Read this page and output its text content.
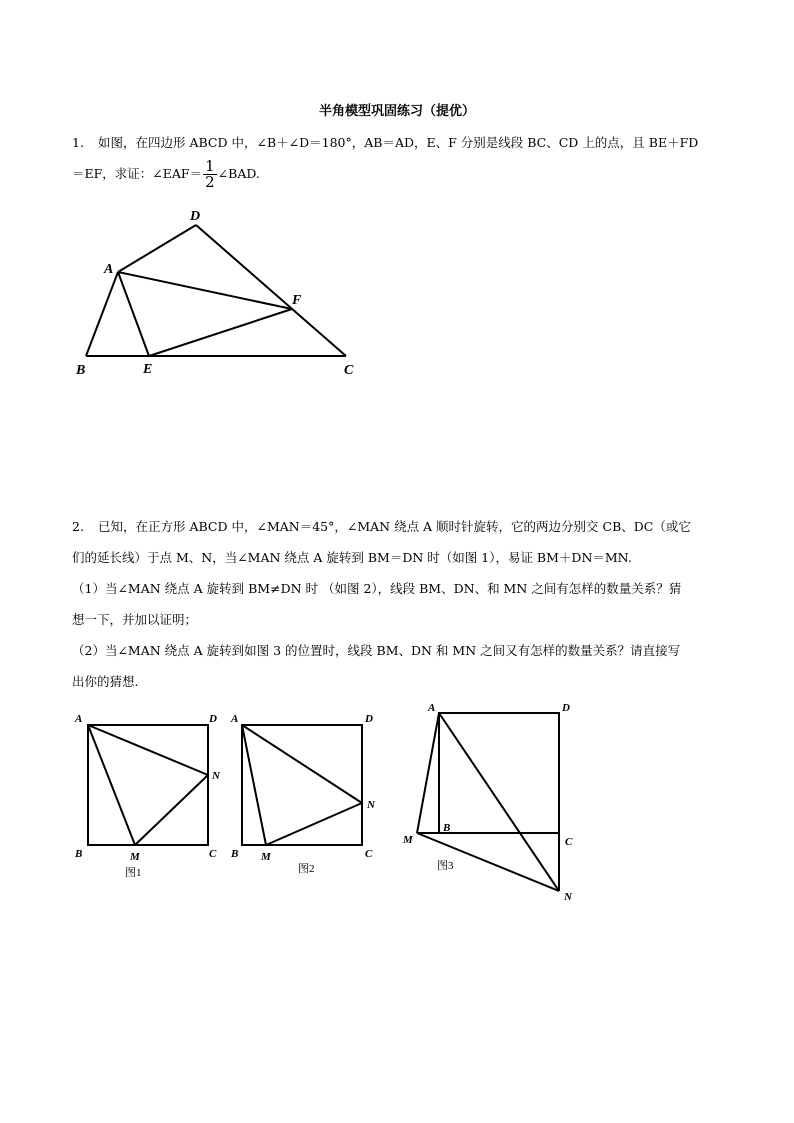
半角模型巩固练习（提优）
1. 如图，在四边形 ABCD 中，∠B＋∠D＝180°，AB＝AD，E、F 分别是线段 BC、CD 上的点，且 BE＋FD
＝EF，求证：∠EAF＝ $\frac{1}{2}$ ∠BAD.
A
B	C
D
E
F
2. 已知，在正方形 ABCD 中，∠MAN＝45°，∠MAN 绕点 A 顺时针旋转，它的两边分别交 CB、DC（或它
们的延长线）于点 M、N，当∠MAN 绕点 A 旋转到 BM＝DN 时（如图 1），易证 BM＋DN＝MN.
（1）当∠MAN 绕点 A 旋转到 BM≠DN 时 （如图 2），线段 BM、DN、和 MN 之间有怎样的数量关系？猜
想一下，并加以证明；
（2）当∠MAN 绕点 A 旋转到如图 3 的位置时，线段 BM、DN 和 MN 之间又有怎样的数量关系？请直接写
出你的猜想.
A	D
B	C
M
N
图1
A	D
B	C
M
N
图2
A	D
B
C
M
N
图3
